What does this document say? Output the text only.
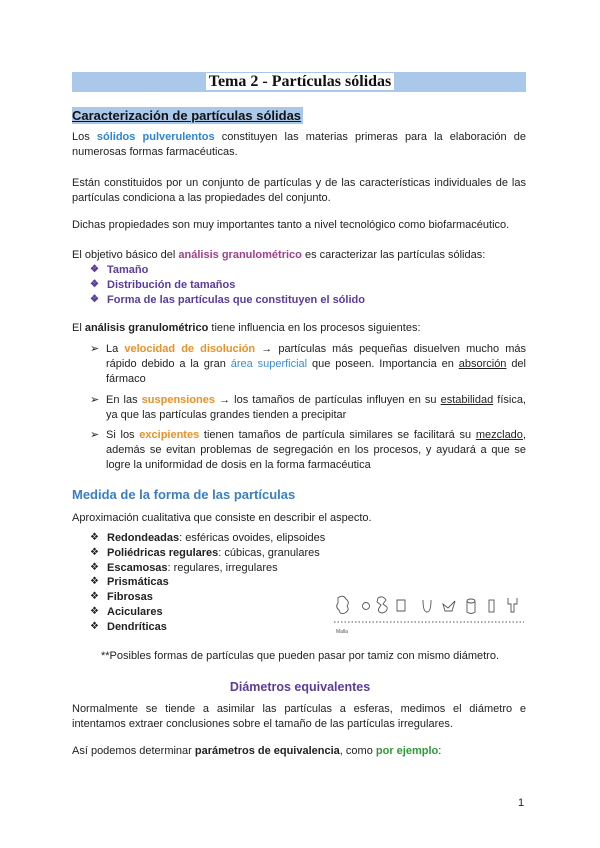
Tema 2 - Partículas sólidas
Caracterización de partículas sólidas
Los sólidos pulverulentos constituyen las materias primeras para la elaboración de numerosas formas farmacéuticas.
Están constituidos por un conjunto de partículas y de las características individuales de las partículas condiciona a las propiedades del conjunto.
Dichas propiedades son muy importantes tanto a nivel tecnológico como biofarmacéutico.
El objetivo básico del análisis granulométrico es caracterizar las partículas sólidas:
❖ Tamaño
❖ Distribución de tamaños
❖ Forma de las partículas que constituyen el sólido
El análisis granulométrico tiene influencia en los procesos siguientes:
➢ La velocidad de disolución → partículas más pequeñas disuelven mucho más rápido debido a la gran área superficial que poseen. Importancia en absorción del fármaco
➢ En las suspensiones → los tamaños de partículas influyen en su estabilidad física, ya que las partículas grandes tienden a precipitar
➢ Si los excipientes tienen tamaños de partícula similares se facilitará su mezclado, además se evitan problemas de segregación en los procesos, y ayudará a que se logre la uniformidad de dosis en la forma farmacéutica
Medida de la forma de las partículas
Aproximación cualitativa que consiste en describir el aspecto.
❖ Redondeadas: esféricas ovoides, elipsoides
❖ Poliédricas regulares: cúbicas, granulares
❖ Escamosas: regulares, irregulares
❖ Prismáticas
❖ Fibrosas
❖ Aciculares
❖ Dendríticas	Malla
**Posibles formas de partículas que pueden pasar por tamiz con mismo diámetro.
Diámetros equivalentes
Normalmente se tiende a asimilar las partículas a esferas, medimos el diámetro e intentamos extraer conclusiones sobre el tamaño de las partículas irregulares.
Así podemos determinar parámetros de equivalencia, como por ejemplo:
1
